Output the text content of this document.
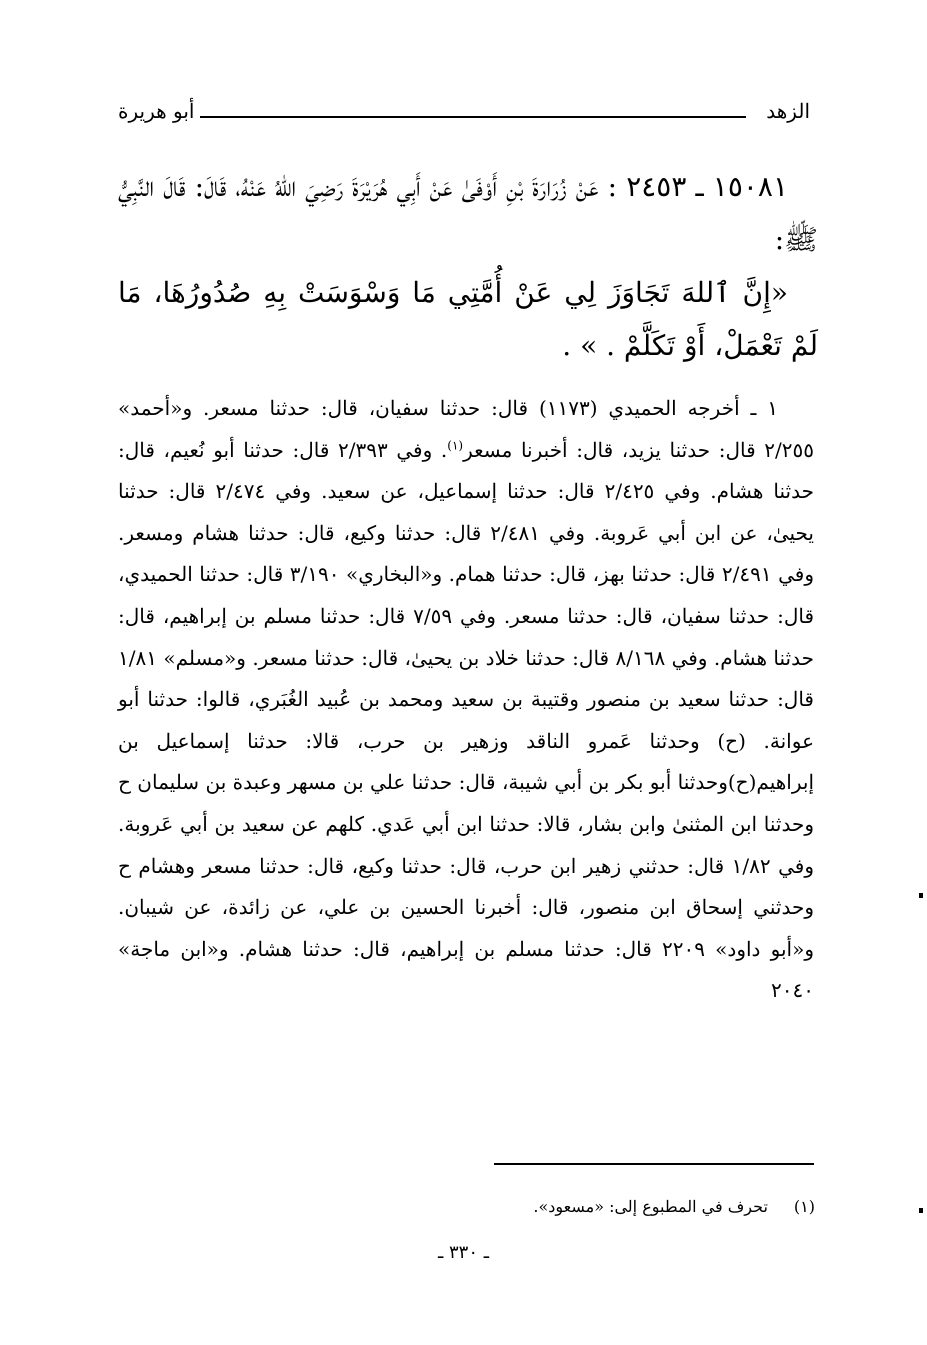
الزهد
أبو هريرة

١٥٠٨١ ـ ٢٤٥٣ : عَنْ زُرَارَةَ بْنِ أَوْفَىٰ عَنْ أَبِي هُرَيْرَةَ رَضِيَ اللهُ عَنْهُ، قَالَ: قَالَ النَّبِيُّ ﷺ:

«إِنَّ ٱللهَ تَجَاوَزَ لِي عَنْ أُمَّتِي مَا وَسْوَسَتْ بِهِ صُدُورُهَا، مَا لَمْ تَعْمَلْ، أَوْ تَكَلَّمْ . » .

١ ـ أخرجه الحميدي (١١٧٣) قال: حدثنا سفيان، قال: حدثنا مسعر. و«أحمد» ٢/٢٥٥ قال: حدثنا يزيد، قال: أخبرنا مسعر$^{(١)}$. وفي ٢/٣٩٣ قال: حدثنا أبو نُعيم، قال: حدثنا هشام. وفي ٢/٤٢٥ قال: حدثنا إسماعيل، عن سعيد. وفي ٢/٤٧٤ قال: حدثنا يحيىٰ، عن ابن أبي عَروبة. وفي ٢/٤٨١ قال: حدثنا وكيع، قال: حدثنا هشام ومسعر. وفي ٢/٤٩١ قال: حدثنا بهز، قال: حدثنا همام. و«البخاري» ٣/١٩٠ قال: حدثنا الحميدي، قال: حدثنا سفيان، قال: حدثنا مسعر. وفي ٧/٥٩ قال: حدثنا مسلم بن إبراهيم، قال: حدثنا هشام. وفي ٨/١٦٨ قال: حدثنا خلاد بن يحيىٰ، قال: حدثنا مسعر. و«مسلم» ١/٨١ قال: حدثنا سعيد بن منصور وقتيبة بن سعيد ومحمد بن عُبيد الغُبَري، قالوا: حدثنا أبو عوانة. (ح) وحدثنا عَمرو الناقد وزهير بن حرب، قالا: حدثنا إسماعيل بن إبراهيم(ح)وحدثنا أبو بكر بن أبي شيبة، قال: حدثنا علي بن مسهر وعبدة بن سليمان ح وحدثنا ابن المثنىٰ وابن بشار، قالا: حدثنا ابن أبي عَدي. كلهم عن سعيد بن أبي عَروبة. وفي ١/٨٢ قال: حدثني زهير ابن حرب، قال: حدثنا وكيع، قال: حدثنا مسعر وهشام ح وحدثني إسحاق ابن منصور، قال: أخبرنا الحسين بن علي، عن زائدة، عن شيبان. و«أبو داود» ٢٢٠٩ قال: حدثنا مسلم بن إبراهيم، قال: حدثنا هشام. و«ابن ماجة» ٢٠٤٠
(١)تحرف في المطبوع إلى: «مسعود».
ـ ٣٣٠ ـ
